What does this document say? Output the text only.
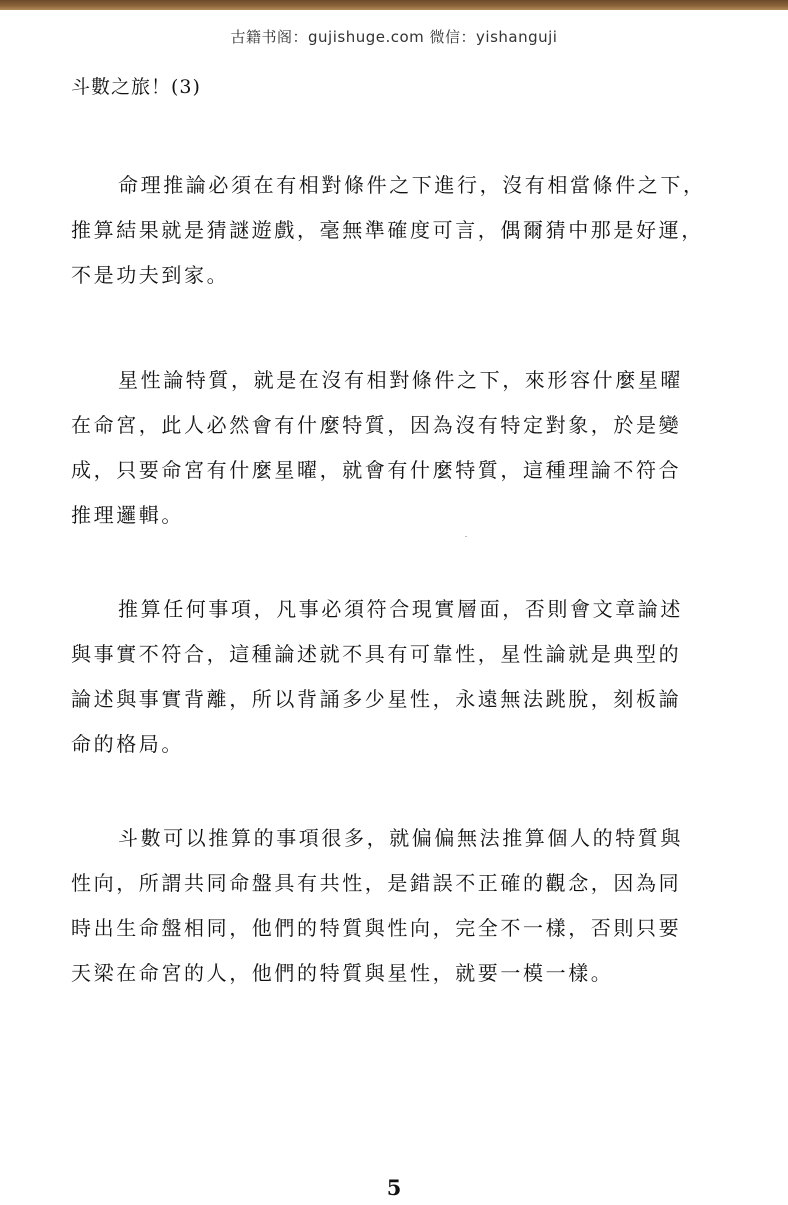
古籍书阁：gujishuge.com 微信：yishanguji
斗數之旅！(3)

命理推論必須在有相對條件之下進行，沒有相當條件之下，
推算結果就是猜謎遊戲，毫無準確度可言，偶爾猜中那是好運，
不是功夫到家。

星性論特質，就是在沒有相對條件之下，來形容什麼星曜
在命宮，此人必然會有什麼特質，因為沒有特定對象，於是變
成，只要命宮有什麼星曜，就會有什麼特質，這種理論不符合
推理邏輯。

推算任何事項，凡事必須符合現實層面，否則會文章論述
與事實不符合，這種論述就不具有可靠性，星性論就是典型的
論述與事實背離，所以背誦多少星性，永遠無法跳脫，刻板論
命的格局。

斗數可以推算的事項很多，就偏偏無法推算個人的特質與
性向，所謂共同命盤具有共性，是錯誤不正確的觀念，因為同
時出生命盤相同，他們的特質與性向，完全不一樣，否則只要
天梁在命宮的人，他們的特質與星性，就要一模一樣。

5
